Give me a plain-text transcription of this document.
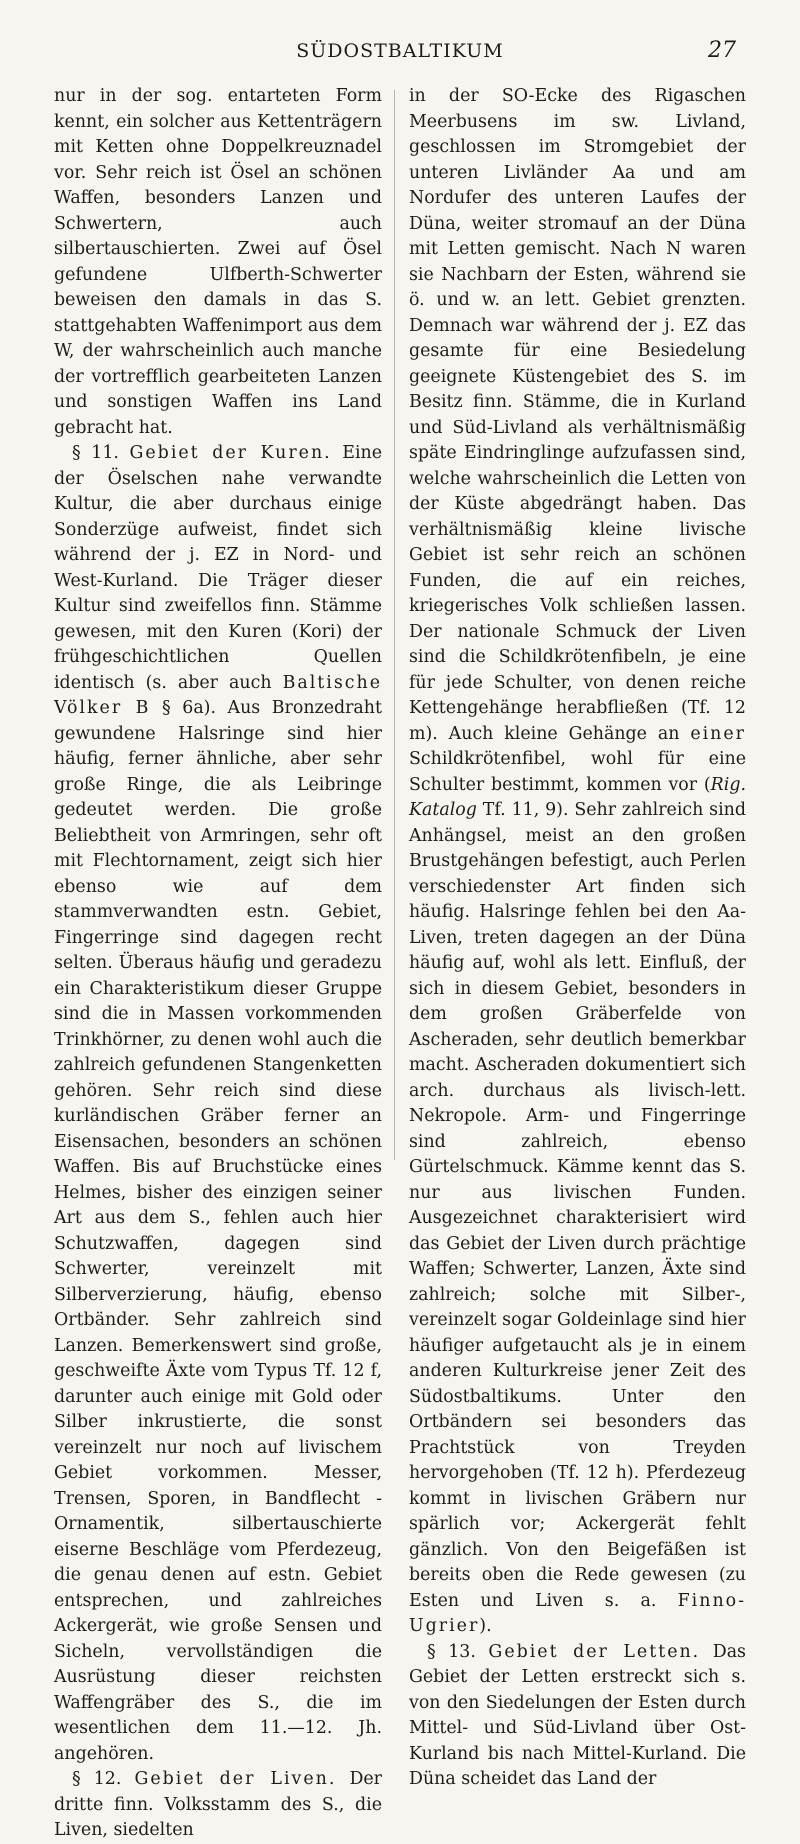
SÜDOSTBALTIKUM	27

nur in der sog. entarteten Form kennt, ein solcher aus Kettenträgern mit Ketten ohne Doppelkreuznadel vor. Sehr reich ist Ösel an schönen Waffen, besonders Lanzen und Schwertern, auch silbertauschierten. Zwei auf Ösel gefundene Ulfberth-Schwerter beweisen den damals in das S. stattgehabten Waffenimport aus dem W, der wahrscheinlich auch manche der vortrefflich gearbeiteten Lanzen und sonstigen Waffen ins Land gebracht hat.

§ 11. Gebiet der Kuren. Eine der Öselschen nahe verwandte Kultur, die aber durchaus einige Sonderzüge aufweist, findet sich während der j. EZ in Nord- und West-Kurland. Die Träger dieser Kultur sind zweifellos finn. Stämme gewesen, mit den Kuren (Kori) der frühgeschichtlichen Quellen identisch (s. aber auch Baltische Völker B § 6a). Aus Bronzedraht gewundene Halsringe sind hier häufig, ferner ähnliche, aber sehr große Ringe, die als Leibringe gedeutet werden. Die große Beliebtheit von Armringen, sehr oft mit Flechtornament, zeigt sich hier ebenso wie auf dem stammverwandten estn. Gebiet, Fingerringe sind dagegen recht selten. Überaus häufig und geradezu ein Charakteristikum dieser Gruppe sind die in Massen vorkommenden Trinkhörner, zu denen wohl auch die zahlreich gefundenen Stangenketten gehören. Sehr reich sind diese kurländischen Gräber ferner an Eisensachen, besonders an schönen Waffen. Bis auf Bruchstücke eines Helmes, bisher des einzigen seiner Art aus dem S., fehlen auch hier Schutzwaffen, dagegen sind Schwerter, vereinzelt mit Silberverzierung, häufig, ebenso Ortbänder. Sehr zahlreich sind Lanzen. Bemerkenswert sind große, geschweifte Äxte vom Typus Tf. 12 f, darunter auch einige mit Gold oder Silber inkrustierte, die sonst vereinzelt nur noch auf livischem Gebiet vorkommen. Messer, Trensen, Sporen, in Bandflecht - Ornamentik, silbertauschierte eiserne Beschläge vom Pferdezeug, die genau denen auf estn. Gebiet entsprechen, und zahlreiches Ackergerät, wie große Sensen und Sicheln, vervollständigen die Ausrüstung dieser reichsten Waffengräber des S., die im wesentlichen dem 11.—12. Jh. angehören.

§ 12. Gebiet der Liven. Der dritte finn. Volksstamm des S., die Liven, siedelten

in der SO-Ecke des Rigaschen Meerbusens im sw. Livland, geschlossen im Stromgebiet der unteren Livländer Aa und am Nordufer des unteren Laufes der Düna, weiter stromauf an der Düna mit Letten gemischt. Nach N waren sie Nachbarn der Esten, während sie ö. und w. an lett. Gebiet grenzten. Demnach war während der j. EZ das gesamte für eine Besiedelung geeignete Küstengebiet des S. im Besitz finn. Stämme, die in Kurland und Süd-Livland als verhältnismäßig späte Eindringlinge aufzufassen sind, welche wahrscheinlich die Letten von der Küste abgedrängt haben. Das verhältnismäßig kleine livische Gebiet ist sehr reich an schönen Funden, die auf ein reiches, kriegerisches Volk schließen lassen. Der nationale Schmuck der Liven sind die Schildkrötenfibeln, je eine für jede Schulter, von denen reiche Kettengehänge herabfließen (Tf. 12 m). Auch kleine Gehänge an einer Schildkrötenfibel, wohl für eine Schulter bestimmt, kommen vor (Rig. Katalog Tf. 11, 9). Sehr zahlreich sind Anhängsel, meist an den großen Brustgehängen befestigt, auch Perlen verschiedenster Art finden sich häufig. Halsringe fehlen bei den Aa-Liven, treten dagegen an der Düna häufig auf, wohl als lett. Einfluß, der sich in diesem Gebiet, besonders in dem großen Gräberfelde von Ascheraden, sehr deutlich bemerkbar macht. Ascheraden dokumentiert sich arch. durchaus als livisch-lett. Nekropole. Arm- und Fingerringe sind zahlreich, ebenso Gürtelschmuck. Kämme kennt das S. nur aus livischen Funden. Ausgezeichnet charakterisiert wird das Gebiet der Liven durch prächtige Waffen; Schwerter, Lanzen, Äxte sind zahlreich; solche mit Silber-, vereinzelt sogar Goldeinlage sind hier häufiger aufgetaucht als je in einem anderen Kulturkreise jener Zeit des Südostbaltikums. Unter den Ortbändern sei besonders das Prachtstück von Treyden hervorgehoben (Tf. 12 h). Pferdezeug kommt in livischen Gräbern nur spärlich vor; Ackergerät fehlt gänzlich. Von den Beigefäßen ist bereits oben die Rede gewesen (zu Esten und Liven s. a. Finno-Ugrier).

§ 13. Gebiet der Letten. Das Gebiet der Letten erstreckt sich s. von den Siedelungen der Esten durch Mittel- und Süd-Livland über Ost-Kurland bis nach Mittel-Kurland. Die Düna scheidet das Land der
